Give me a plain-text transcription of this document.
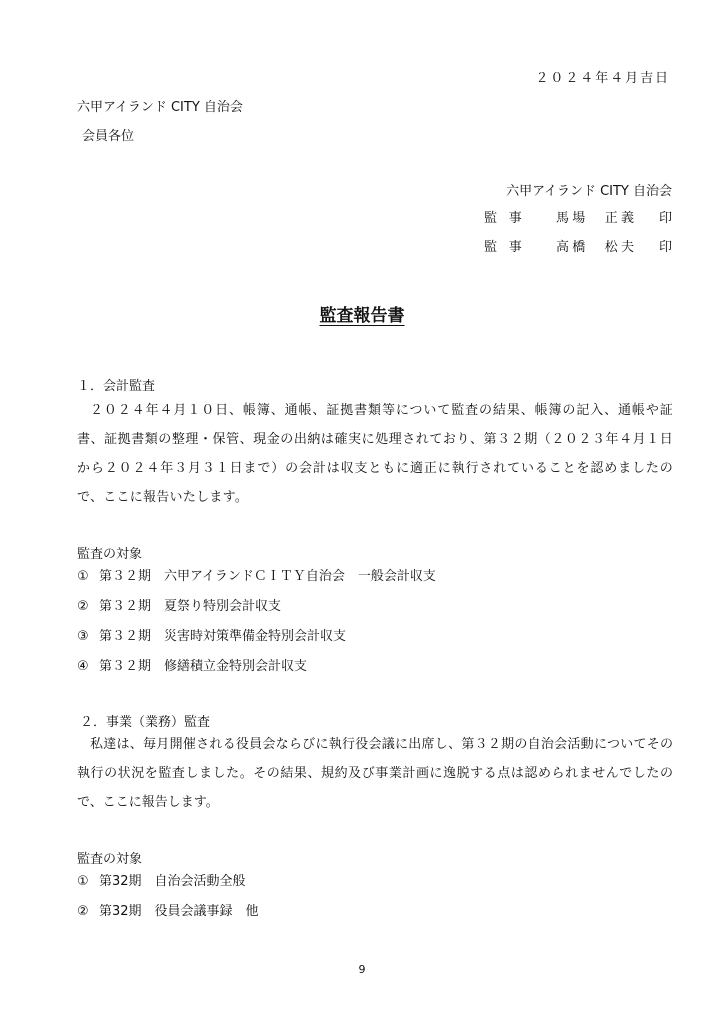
２０２４年４月吉日
六甲アイランド CITY 自治会
会員各位
六甲アイランド CITY 自治会
監事	馬場　正義	印
監事	高橋　松夫	印
監査報告書
１．会計監査
２０２４年４月１０日、帳簿、通帳、証拠書類等について監査の結果、帳簿の記入、通帳や証書、証拠書類の整理・保管、現金の出納は確実に処理されており、第３２期（２０２３年４月１日から２０２４年３月３１日まで）の会計は収支ともに適正に執行されていることを認めましたので、ここに報告いたします。
監査の対象
① 第３２期　六甲アイランドＣＩＴＹ自治会　一般会計収支
② 第３２期　夏祭り特別会計収支
③ 第３２期　災害時対策準備金特別会計収支
④ 第３２期　修繕積立金特別会計収支
２．事業（業務）監査
私達は、毎月開催される役員会ならびに執行役会議に出席し、第３２期の自治会活動についてその執行の状況を監査しました。その結果、規約及び事業計画に逸脱する点は認められませんでしたので、ここに報告します。
監査の対象
① 第32期　自治会活動全般
② 第32期　役員会議事録　他
9
